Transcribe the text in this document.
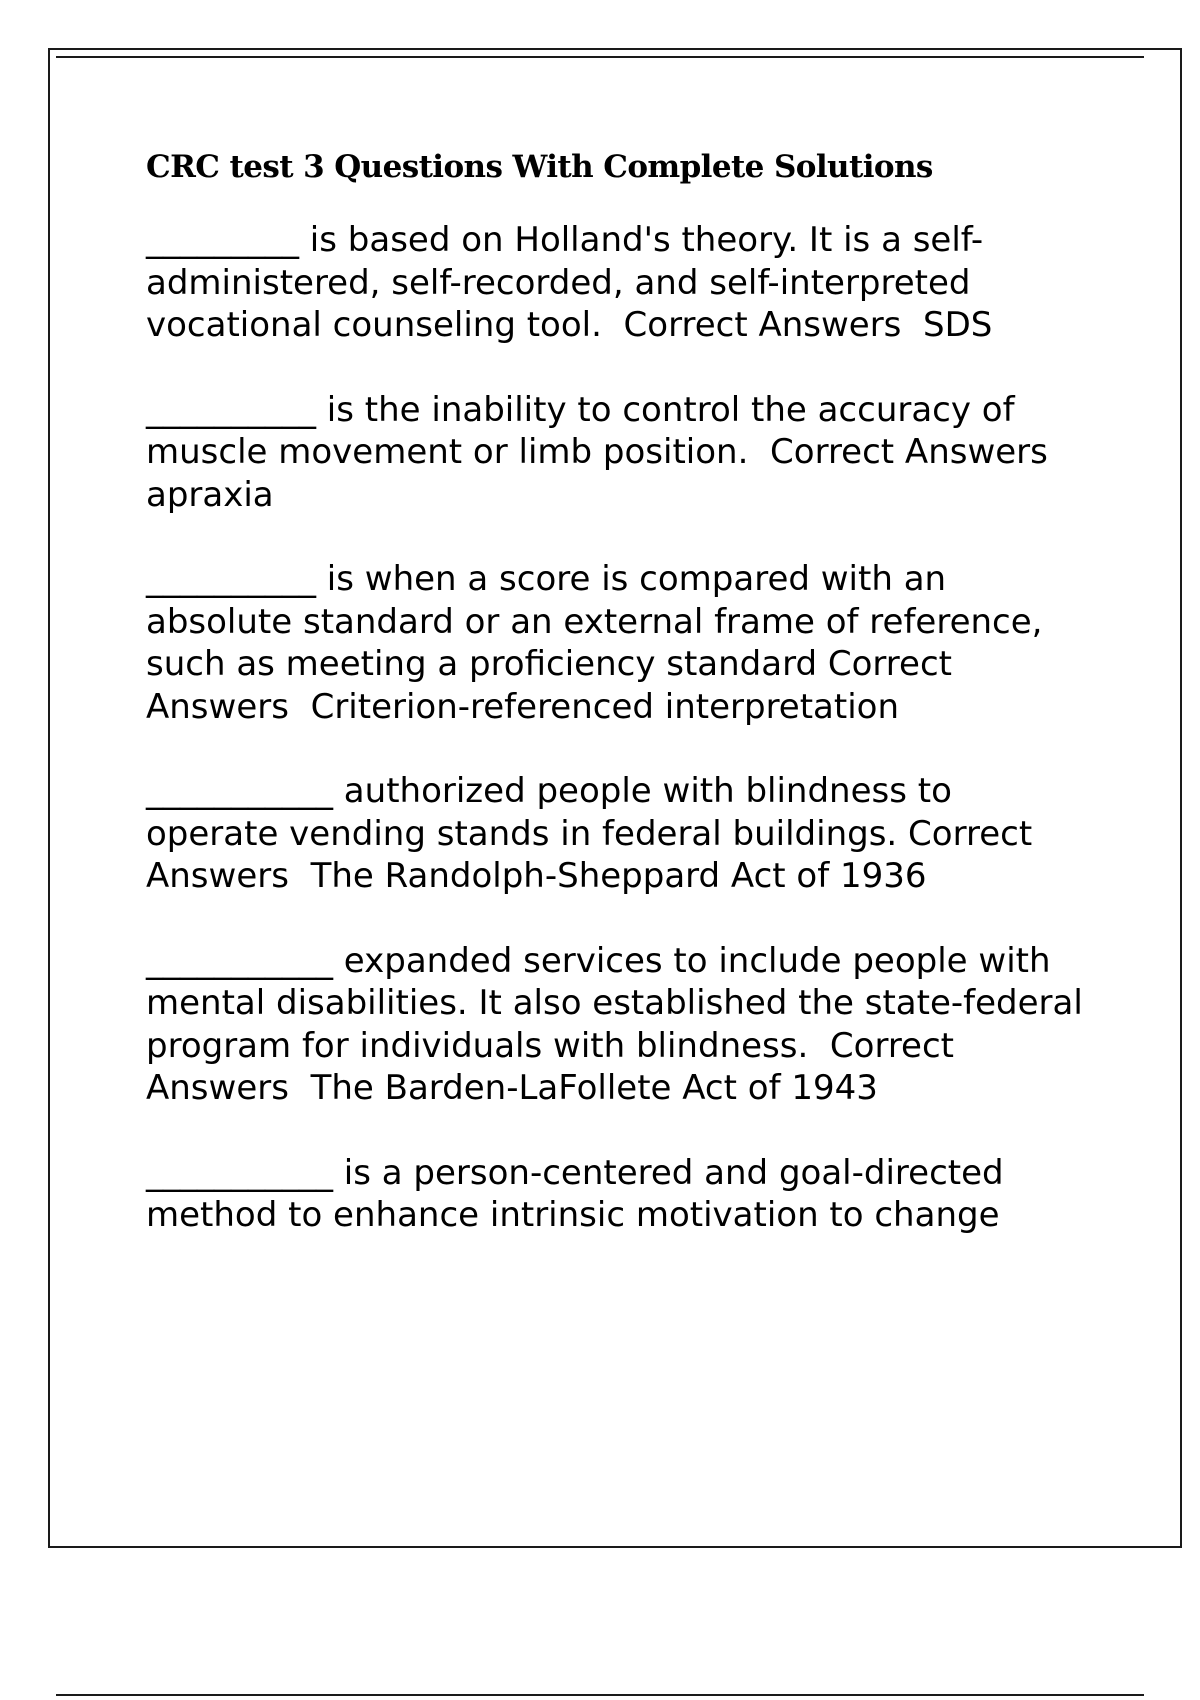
CRC test 3 Questions With Complete Solutions
_________ is based on Holland's theory. It is a self-administered, self-recorded, and self-interpreted vocational counseling tool. Correct Answers SDS
__________ is the inability to control the accuracy of muscle movement or limb position. Correct Answers  apraxia
__________ is when a score is compared with an absolute standard or an external frame of reference, such as meeting a proficiency standard Correct Answers Criterion-referenced interpretation
___________ authorized people with blindness to operate vending stands in federal buildings. Correct Answers The Randolph-Sheppard Act of 1936
___________ expanded services to include people with mental disabilities. It also established the state-federal program for individuals with blindness. Correct Answers The Barden-LaFollete Act of 1943
___________ is a person-centered and goal-directed method to enhance intrinsic motivation to change
